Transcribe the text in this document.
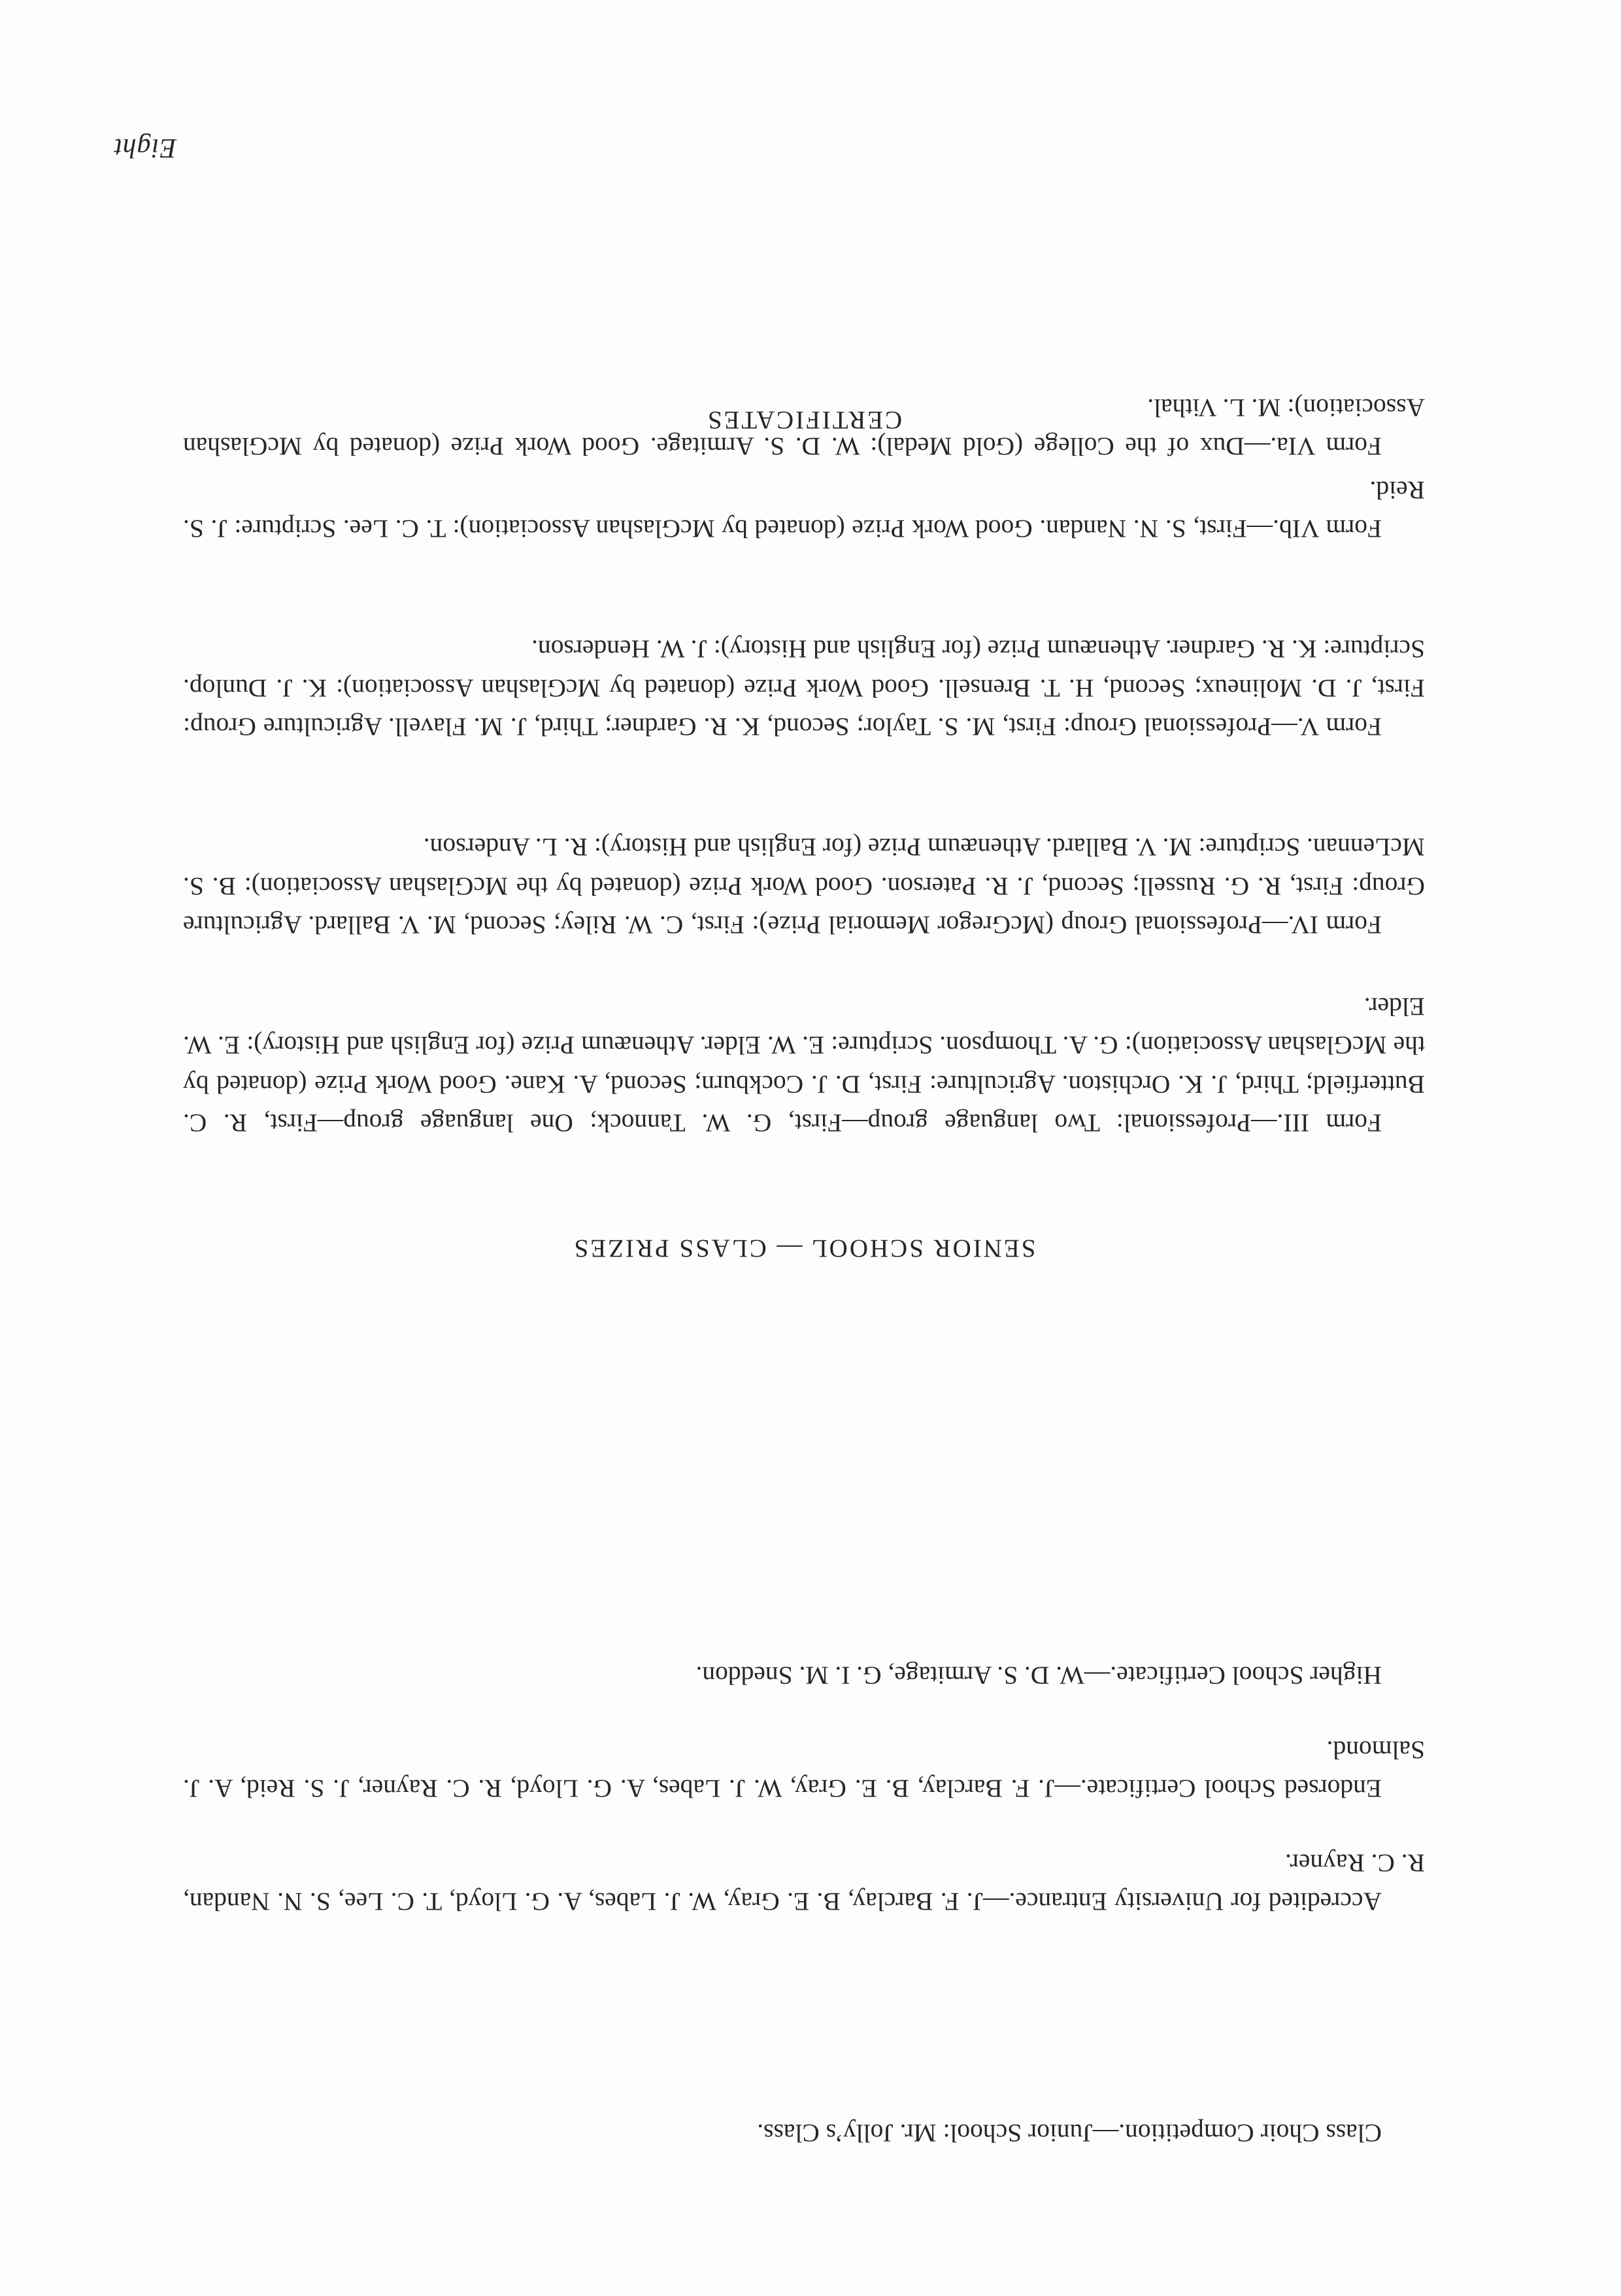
Eight

Accredited for University Entrance.—J. F. Barclay, B. E. Gray, W. J. Labes, A. G. Lloyd, T. C. Lee, S. N. Nandan, R. C. Rayner.

Endorsed School Certificate.—J. F. Barclay, B. E. Gray, W. J. Labes, A. G. Lloyd, R. C. Rayner, J. S. Reid, A. J. Salmond.

Higher School Certificate.—W. D. S. Armitage, G. I. M. Sneddon.

CERTIFICATES
SENIOR SCHOOL — CLASS PRIZES

Form III.—Professional: Two language group—First, G. W. Tannock; One language group—First, R. C. Butterfield; Third, J. K. Orchiston. Agriculture: First, D. J. Cockburn; Second, A. Kane. Good Work Prize (donated by the McGlashan Association): G. A. Thompson. Scripture: E. W. Elder. Athenæum Prize (for English and History): E. W. Elder.

Form IV.—Professional Group (McGregor Memorial Prize): First, C. W. Riley; Second, M. V. Ballard. Agriculture Group: First, R. G. Russell; Second, J. R. Paterson. Good Work Prize (donated by the McGlashan Association): B. S. McLennan. Scripture: M. V. Ballard. Athenæum Prize (for English and History): R. L. Anderson.

Form V.—Professional Group: First, M. S. Taylor; Second, K. R. Gardner; Third, J. M. Flavell. Agriculture Group: First, J. D. Molineux; Second, H. T. Brensell. Good Work Prize (donated by McGlashan Association): K. J. Dunlop. Scripture: K. R. Gardner. Athenæum Prize (for English and History): J. W. Henderson.

Form VIb.—First, S. N. Nandan. Good Work Prize (donated by McGlashan Association): T. C. Lee. Scripture: J. S. Reid.

Form VIa.—Dux of the College (Gold Medal): W. D. S. Armitage. Good Work Prize (donated by McGlashan Association): M. L. Vithal.

Class Choir Competition.—Junior School: Mr. Jolly’s Class.
